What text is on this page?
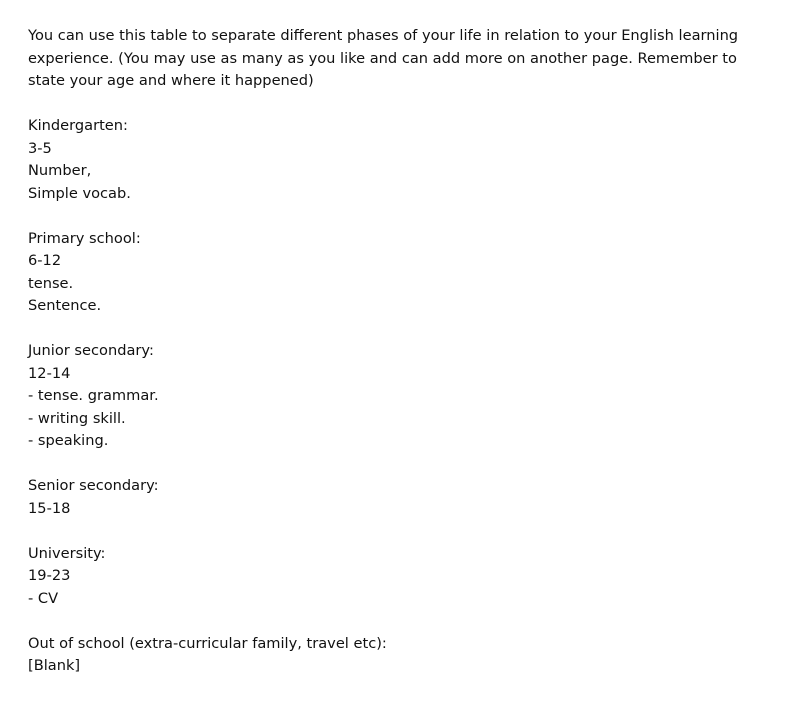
You can use this table to separate different phases of your life in relation to your English learning

experience. (You may use as many as you like and can add more on another page. Remember to

state your age and where it happened)

Kindergarten:
3-5
Number,
Simple vocab.
Primary school:
6-12
tense.
Sentence.
Junior secondary:
12-14
- tense. grammar.
- writing skill.
- speaking.
Senior secondary:
15-18
University:
19-23
- CV
Out of school (extra-curricular family, travel etc):
[Blank]
